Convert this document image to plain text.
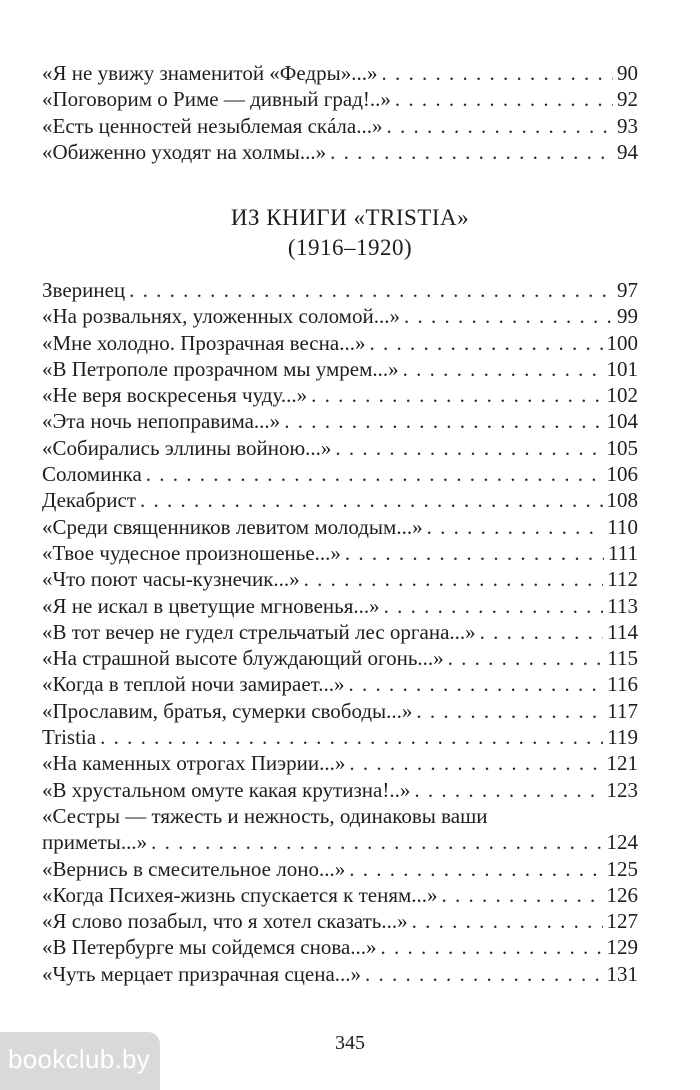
«Я не увижу знаменитой «Федры»...» . . .	90
«Поговорим о Риме — дивный град!..» . . .	92
«Есть ценностей незыблемая скáла...» . . .	93
«Обиженно уходят на холмы...» . . .	94
ИЗ КНИГИ «TRISTIA»
(1916–1920)
Зверинец . . .	97
«На розвальнях, уложенных соломой...» . . .	99
«Мне холодно. Прозрачная весна...» . . .	100
«В Петрополе прозрачном мы умрем...» . . .	101
«Не веря воскресенья чуду...» . . .	102
«Эта ночь непоправима...» . . .	104
«Собирались эллины войною...» . . .	105
Соломинка . . .	106
Декабрист . . .	108
«Среди священников левитом молодым...» . . .	110
«Твое чудесное произношенье...» . . .	111
«Что поют часы-кузнечик...» . . .	112
«Я не искал в цветущие мгновенья...» . . .	113
«В тот вечер не гудел стрельчатый лес органа...» . . .	114
«На страшной высоте блуждающий огонь...» . . .	115
«Когда в теплой ночи замирает...» . . .	116
«Прославим, братья, сумерки свободы...» . . .	117
Tristia . . .	119
«На каменных отрогах Пиэрии...» . . .	121
«В хрустальном омуте какая крутизна!..» . . .	123
«Сестры — тяжесть и нежность, одинаковы ваши
приметы...» . . .	124
«Вернись в смесительное лоно...» . . .	125
«Когда Психея-жизнь спускается к теням...» . . .	126
«Я слово позабыл, что я хотел сказать...» . . .	127
«В Петербурге мы сойдемся снова...» . . .	129
«Чуть мерцает призрачная сцена...» . . .	131
345
bookclub.by
